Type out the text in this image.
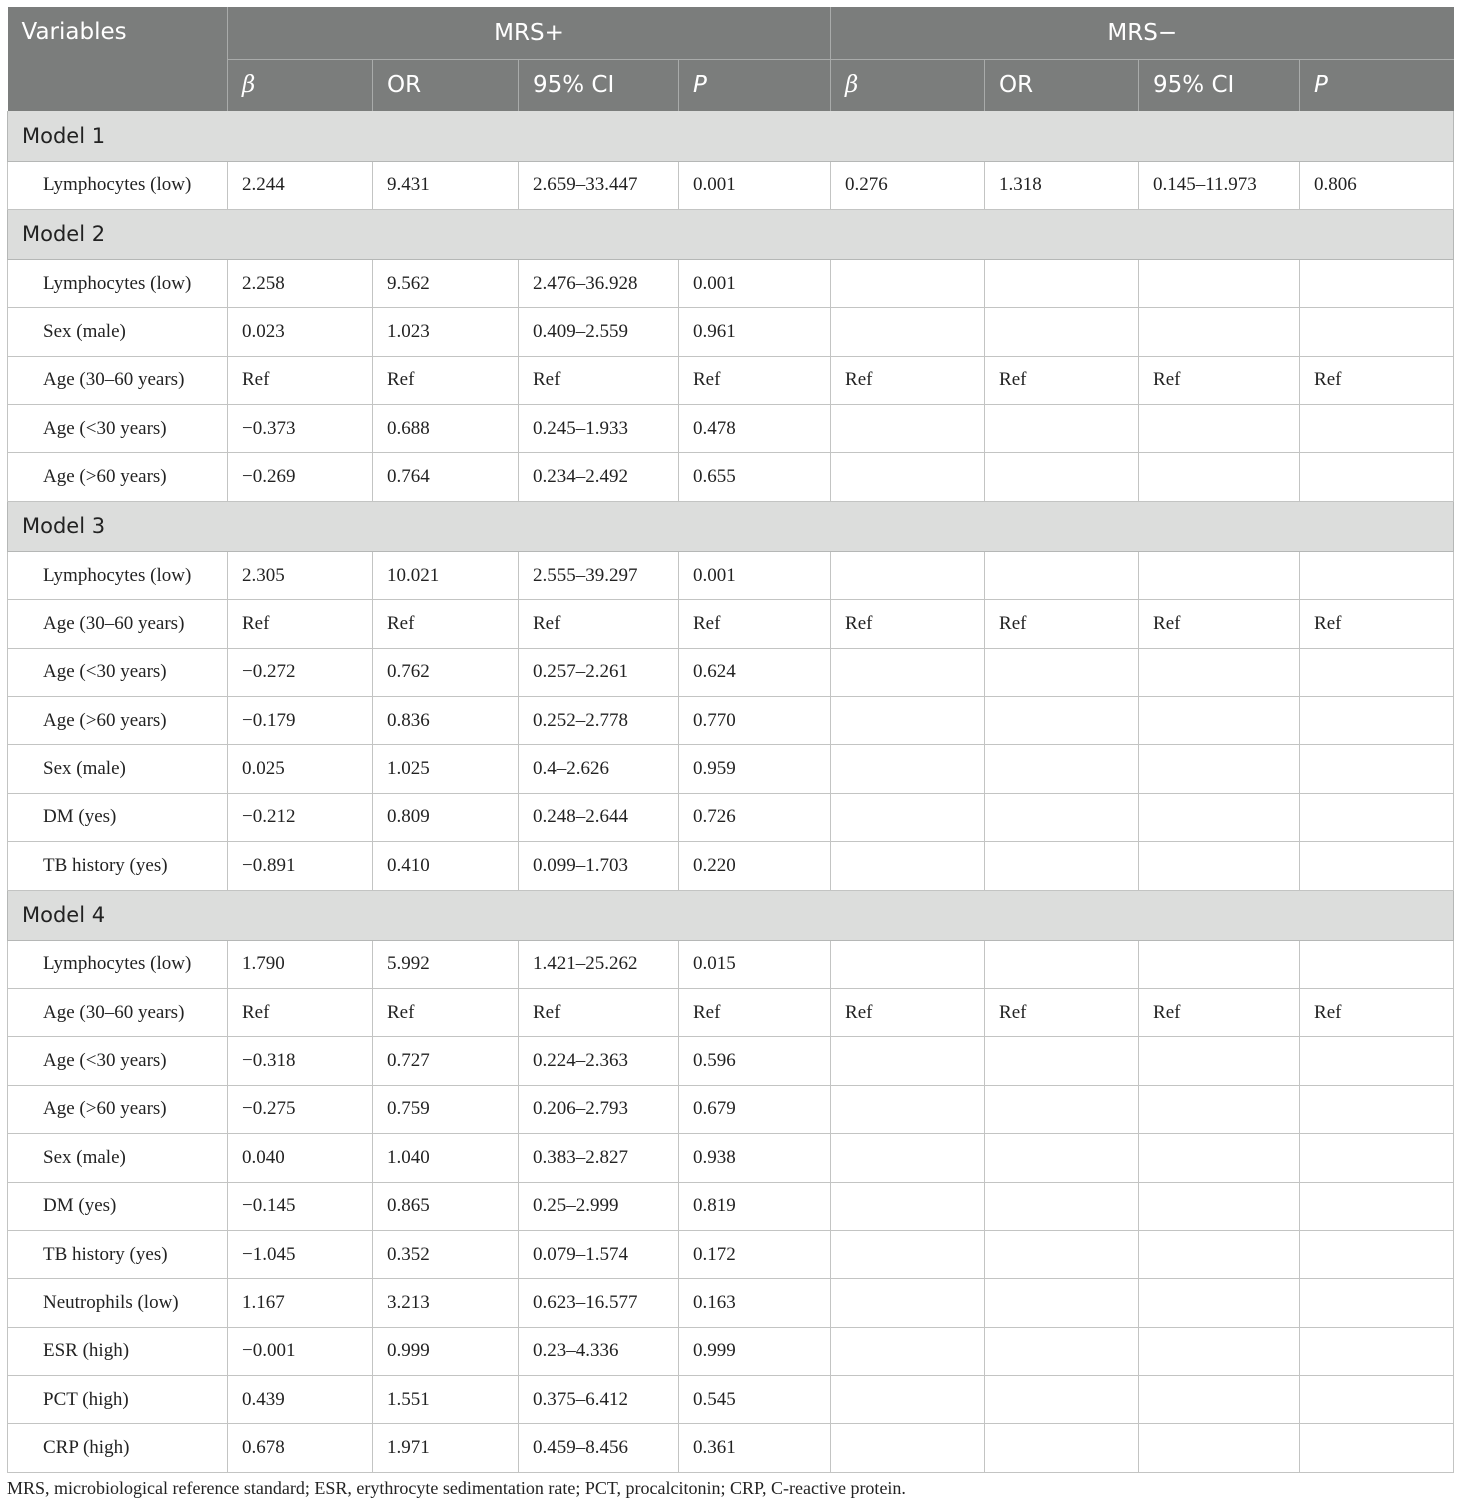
Variables	MRS+				MRS−			
	β	OR	95% CI	P	β	OR	95% CI	P
Model 1								
Lymphocytes (low)	2.244	9.431	2.659–33.447	0.001	0.276	1.318	0.145–11.973	0.806
Model 2								
Lymphocytes (low)	2.258	9.562	2.476–36.928	0.001				
Sex (male)	0.023	1.023	0.409–2.559	0.961				
Age (30–60 years)	Ref	Ref	Ref	Ref	Ref	Ref	Ref	Ref
Age (<30 years)	−0.373	0.688	0.245–1.933	0.478				
Age (>60 years)	−0.269	0.764	0.234–2.492	0.655				
Model 3								
Lymphocytes (low)	2.305	10.021	2.555–39.297	0.001				
Age (30–60 years)	Ref	Ref	Ref	Ref	Ref	Ref	Ref	Ref
Age (<30 years)	−0.272	0.762	0.257–2.261	0.624				
Age (>60 years)	−0.179	0.836	0.252–2.778	0.770				
Sex (male)	0.025	1.025	0.4–2.626	0.959				
DM (yes)	−0.212	0.809	0.248–2.644	0.726				
TB history (yes)	−0.891	0.410	0.099–1.703	0.220				
Model 4								
Lymphocytes (low)	1.790	5.992	1.421–25.262	0.015				
Age (30–60 years)	Ref	Ref	Ref	Ref	Ref	Ref	Ref	Ref
Age (<30 years)	−0.318	0.727	0.224–2.363	0.596				
Age (>60 years)	−0.275	0.759	0.206–2.793	0.679				
Sex (male)	0.040	1.040	0.383–2.827	0.938				
DM (yes)	−0.145	0.865	0.25–2.999	0.819				
TB history (yes)	−1.045	0.352	0.079–1.574	0.172				
Neutrophils (low)	1.167	3.213	0.623–16.577	0.163				
ESR (high)	−0.001	0.999	0.23–4.336	0.999				
PCT (high)	0.439	1.551	0.375–6.412	0.545				
CRP (high)	0.678	1.971	0.459–8.456	0.361				
MRS, microbiological reference standard; ESR, erythrocyte sedimentation rate; PCT, procalcitonin; CRP, C-reactive protein.
